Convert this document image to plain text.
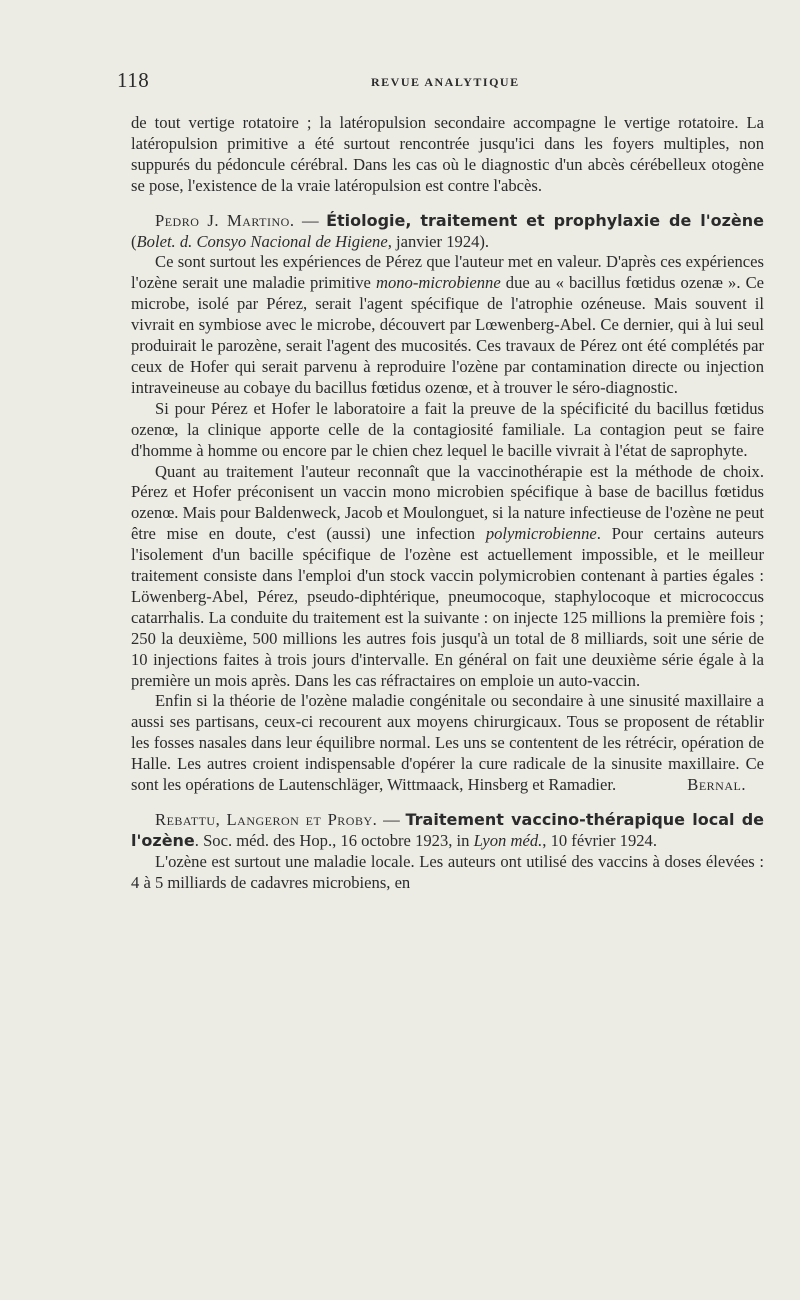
118	REVUE ANALYTIQUE

de tout vertige rotatoire ; la latéropulsion secondaire accompagne le vertige rotatoire. La latéropulsion primitive a été surtout rencontrée jusqu'ici dans les foyers multiples, non suppurés du pédoncule cérébral. Dans les cas où le diagnostic d'un abcès cérébelleux otogène se pose, l'existence de la vraie latéropulsion est contre l'abcès.

Pedro J. Martino. — Étiologie, traitement et prophylaxie de l'ozène (Bolet. d. Consyo Nacional de Higiene, janvier 1924).

Ce sont surtout les expériences de Pérez que l'auteur met en valeur. D'après ces expériences l'ozène serait une maladie primitive mono-microbienne due au « bacillus fœtidus ozenæ ». Ce microbe, isolé par Pérez, serait l'agent spécifique de l'atrophie ozéneuse. Mais souvent il vivrait en symbiose avec le microbe, découvert par Lœwenberg-Abel. Ce dernier, qui à lui seul produirait le parozène, serait l'agent des mucosités. Ces travaux de Pérez ont été complétés par ceux de Hofer qui serait parvenu à reproduire l'ozène par contamination directe ou injection intraveineuse au cobaye du bacillus fœtidus ozenœ, et à trouver le séro-diagnostic.

Si pour Pérez et Hofer le laboratoire a fait la preuve de la spécificité du bacillus fœtidus ozenœ, la clinique apporte celle de la contagiosité familiale. La contagion peut se faire d'homme à homme ou encore par le chien chez lequel le bacille vivrait à l'état de saprophyte.

Quant au traitement l'auteur reconnaît que la vaccinothérapie est la méthode de choix. Pérez et Hofer préconisent un vaccin mono microbien spécifique à base de bacillus fœtidus ozenœ. Mais pour Baldenweck, Jacob et Moulonguet, si la nature infectieuse de l'ozène ne peut être mise en doute, c'est (aussi) une infection polymicrobienne. Pour certains auteurs l'isolement d'un bacille spécifique de l'ozène est actuellement impossible, et le meilleur traitement consiste dans l'emploi d'un stock vaccin polymicrobien contenant à parties égales : Löwenberg-Abel, Pérez, pseudo-diphtérique, pneumocoque, staphylocoque et micrococcus catarrhalis. La conduite du traitement est la suivante : on injecte 125 millions la première fois ; 250 la deuxième, 500 millions les autres fois jusqu'à un total de 8 milliards, soit une série de 10 injections faites à trois jours d'intervalle. En général on fait une deuxième série égale à la première un mois après. Dans les cas réfractaires on emploie un auto-vaccin.

Enfin si la théorie de l'ozène maladie congénitale ou secondaire à une sinusité maxillaire a aussi ses partisans, ceux-ci recourent aux moyens chirurgicaux. Tous se proposent de rétablir les fosses nasales dans leur équilibre normal. Les uns se contentent de les rétrécir, opération de Halle. Les autres croient indispensable d'opérer la cure radicale de la sinusite maxillaire. Ce sont les opérations de Lautenschläger, Wittmaack, Hinsberg et Ramadier.	Bernal.

Rebattu, Langeron et Proby. — Traitement vaccino-thérapique local de l'ozène. Soc. méd. des Hop., 16 octobre 1923, in Lyon méd., 10 février 1924.

L'ozène est surtout une maladie locale. Les auteurs ont utilisé des vaccins à doses élevées : 4 à 5 milliards de cadavres microbiens, en
